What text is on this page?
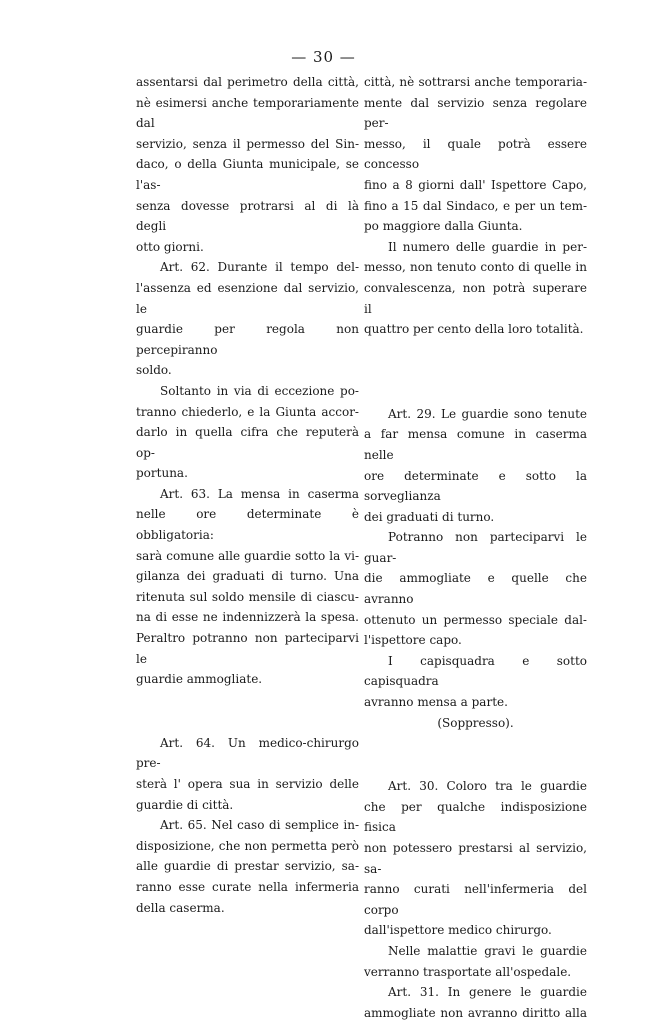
— 30 —

assentarsi dal perimetro della città,

nè esimersi anche temporariamente dal

servizio, senza il permesso del Sin-

daco, o della Giunta municipale, se l'as-

senza dovesse protrarsi al di là degli

otto giorni.

Art. 62. Durante il tempo del-

l'assenza ed esenzione dal servizio, le

guardie per regola non percepiranno

soldo.

Soltanto in via di eccezione po-

tranno chiederlo, e la Giunta accor-

darlo in quella cifra che reputerà op-

portuna.

Art. 63. La mensa in caserma

nelle ore determinate è obbligatoria:

sarà comune alle guardie sotto la vi-

gilanza dei graduati di turno. Una

ritenuta sul soldo mensile di ciascu-

na di esse ne indennizzerà la spesa.

Peraltro potranno non parteciparvi le

guardie ammogliate.

Art. 64. Un medico-chirurgo pre-

sterà l' opera sua in servizio delle

guardie di città.

Art. 65. Nel caso di semplice in-

disposizione, che non permetta però

alle guardie di prestar servizio, sa-

ranno esse curate nella infermeria

della caserma.

città, nè sottrarsi anche temporaria-

mente dal servizio senza regolare per-

messo, il quale potrà essere concesso

fino a 8 giorni dall' Ispettore Capo,

fino a 15 dal Sindaco, e per un tem-

po maggiore dalla Giunta.

Il numero delle guardie in per-

messo, non tenuto conto di quelle in

convalescenza, non potrà superare il

quattro per cento della loro totalità.

Art. 29. Le guardie sono tenute

a far mensa comune in caserma nelle

ore determinate e sotto la sorveglianza

dei graduati di turno.

Potranno non parteciparvi le guar-

die ammogliate e quelle che avranno

ottenuto un permesso speciale dal-

l'ispettore capo.

I capisquadra e sotto capisquadra

avranno mensa a parte.

(Soppresso).

Art. 30. Coloro tra le guardie

che per qualche indisposizione fisica

non potessero prestarsi al servizio, sa-

ranno curati nell'infermeria del corpo

dall'ispettore medico chirurgo.

Nelle malattie gravi le guardie

verranno trasportate all'ospedale.

Art. 31. In genere le guardie

ammogliate non avranno diritto alla
